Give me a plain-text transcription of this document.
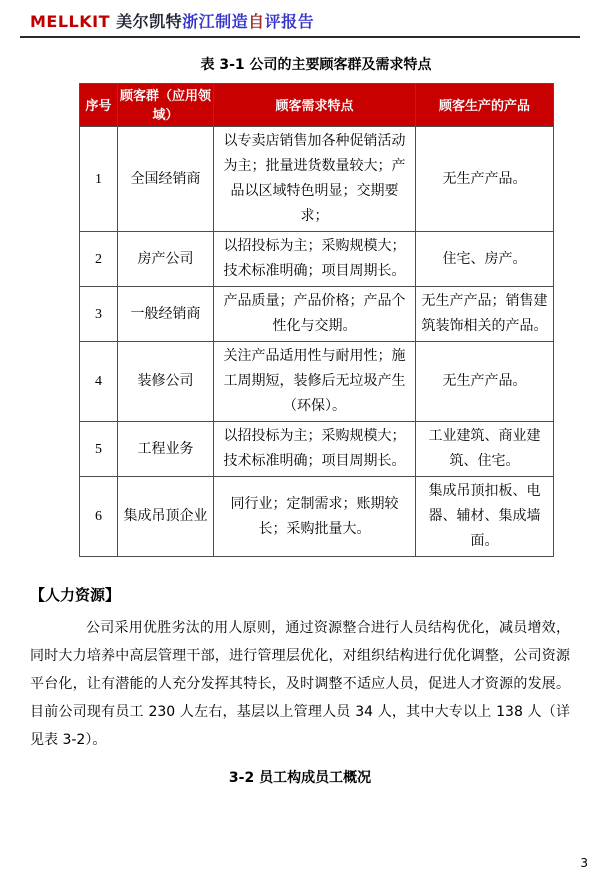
MELLKIT 美尔凯特浙江制造自评报告
表 3-1 公司的主要顾客群及需求特点
序号	顾客群（应用领域）	顾客需求特点	顾客生产的产品
1	全国经销商	以专卖店销售加各种促销活动为主；批量进货数量较大；产品以区域特色明显；交期要求；	无生产产品。
2	房产公司	以招投标为主；采购规模大；技术标准明确；项目周期长。	住宅、房产。
3	一般经销商	产品质量；产品价格；产品个性化与交期。	无生产产品；销售建筑装饰相关的产品。
4	装修公司	关注产品适用性与耐用性；施工周期短，装修后无垃圾产生（环保）。	无生产产品。
5	工程业务	以招投标为主；采购规模大；技术标准明确；项目周期长。	工业建筑、商业建筑、住宅。
6	集成吊顶企业	同行业；定制需求；账期较长；采购批量大。	集成吊顶扣板、电器、辅材、集成墙面。
【人力资源】

公司采用优胜劣汰的用人原则，通过资源整合进行人员结构优化，减员增效，同时大力培养中高层管理干部，进行管理层优化，对组织结构进行优化调整，公司资源平台化，让有潜能的人充分发挥其特长，及时调整不适应人员，促进人才资源的发展。目前公司现有员工 230 人左右，基层以上管理人员 34 人，其中大专以上 138 人（详见表 3-2）。

3-2 员工构成员工概况
3
